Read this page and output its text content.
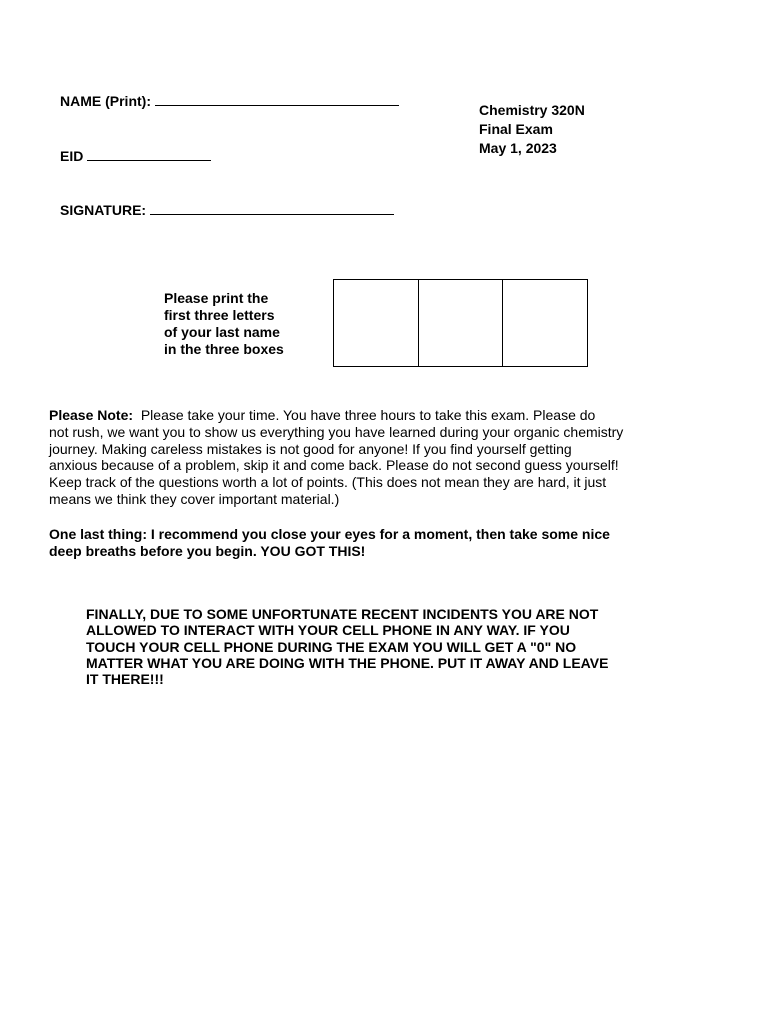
NAME (Print):
EID
SIGNATURE:
Chemistry 320N
Final Exam
May 1, 2023
Please print the
first three letters
of your last name
in the three boxes
Please Note: Please take your time. You have three hours to take this exam. Please do
not rush, we want you to show us everything you have learned during your organic chemistry
journey. Making careless mistakes is not good for anyone! If you find yourself getting
anxious because of a problem, skip it and come back. Please do not second guess yourself!
Keep track of the questions worth a lot of points. (This does not mean they are hard, it just
means we think they cover important material.)
One last thing: I recommend you close your eyes for a moment, then take some nice
deep breaths before you begin. YOU GOT THIS!
FINALLY, DUE TO SOME UNFORTUNATE RECENT INCIDENTS YOU ARE NOT
ALLOWED TO INTERACT WITH YOUR CELL PHONE IN ANY WAY. IF YOU
TOUCH YOUR CELL PHONE DURING THE EXAM YOU WILL GET A "0" NO
MATTER WHAT YOU ARE DOING WITH THE PHONE. PUT IT AWAY AND LEAVE
IT THERE!!!
